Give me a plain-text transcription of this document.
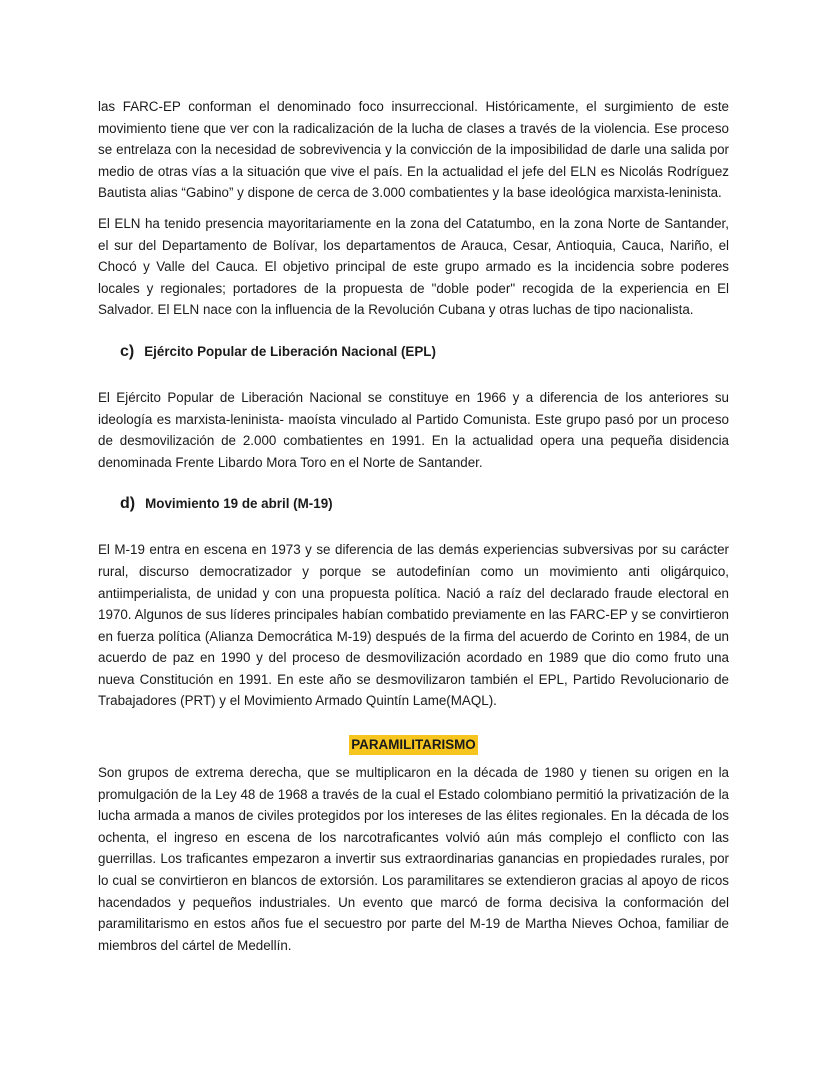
las FARC-EP conforman el denominado foco insurreccional. Históricamente, el surgimiento de este movimiento tiene que ver con la radicalización de la lucha de clases a través de la violencia. Ese proceso se entrelaza con la necesidad de sobrevivencia y la convicción de la imposibilidad de darle una salida por medio de otras vías a la situación que vive el país. En la actualidad el jefe del ELN es Nicolás Rodríguez Bautista alias “Gabino” y dispone de cerca de 3.000 combatientes y la base ideológica marxista-leninista.

El ELN ha tenido presencia mayoritariamente en la zona del Catatumbo, en la zona Norte de Santander, el sur del Departamento de Bolívar, los departamentos de Arauca, Cesar, Antioquia, Cauca, Nariño, el Chocó y Valle del Cauca. El objetivo principal de este grupo armado es la incidencia sobre poderes locales y regionales; portadores de la propuesta de "doble poder" recogida de la experiencia en El Salvador. El ELN nace con la influencia de la Revolución Cubana y otras luchas de tipo nacionalista.

c) Ejército Popular de Liberación Nacional (EPL)

El Ejército Popular de Liberación Nacional se constituye en 1966 y a diferencia de los anteriores su ideología es marxista-leninista- maoísta vinculado al Partido Comunista. Este grupo pasó por un proceso de desmovilización de 2.000 combatientes en 1991. En la actualidad opera una pequeña disidencia denominada Frente Libardo Mora Toro en el Norte de Santander.

d) Movimiento 19 de abril (M-19)

El M-19 entra en escena en 1973 y se diferencia de las demás experiencias subversivas por su carácter rural, discurso democratizador y porque se autodefinían como un movimiento anti oligárquico, antiimperialista, de unidad y con una propuesta política. Nació a raíz del declarado fraude electoral en 1970. Algunos de sus líderes principales habían combatido previamente en las FARC-EP y se convirtieron en fuerza política (Alianza Democrática M-19) después de la firma del acuerdo de Corinto en 1984, de un acuerdo de paz en 1990 y del proceso de desmovilización acordado en 1989 que dio como fruto una nueva Constitución en 1991. En este año se desmovilizaron también el EPL, Partido Revolucionario de Trabajadores (PRT) y el Movimiento Armado Quintín Lame(MAQL).

PARAMILITARISMO

Son grupos de extrema derecha, que se multiplicaron en la década de 1980 y tienen su origen en la promulgación de la Ley 48 de 1968 a través de la cual el Estado colombiano permitió la privatización de la lucha armada a manos de civiles protegidos por los intereses de las élites regionales. En la década de los ochenta, el ingreso en escena de los narcotraficantes volvió aún más complejo el conflicto con las guerrillas. Los traficantes empezaron a invertir sus extraordinarias ganancias en propiedades rurales, por lo cual se convirtieron en blancos de extorsión. Los paramilitares se extendieron gracias al apoyo de ricos hacendados y pequeños industriales. Un evento que marcó de forma decisiva la conformación del paramilitarismo en estos años fue el secuestro por parte del M-19 de Martha Nieves Ochoa, familiar de miembros del cártel de Medellín.
